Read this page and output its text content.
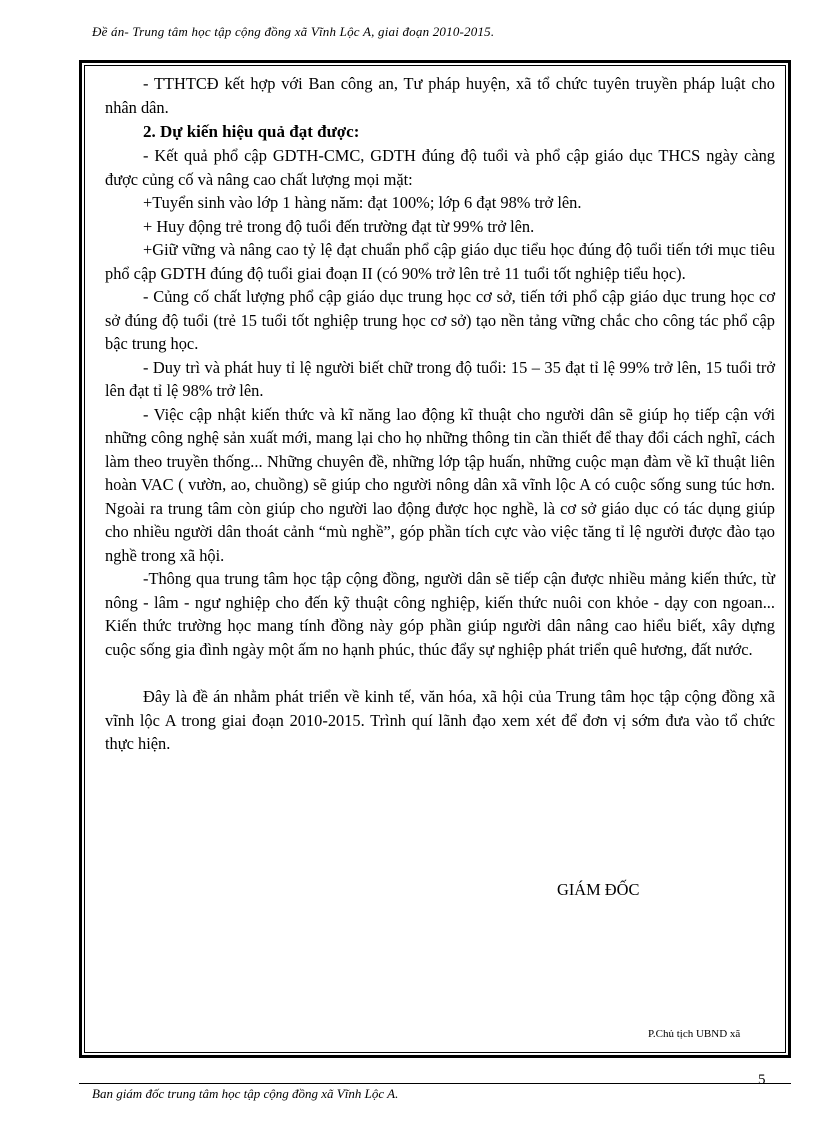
Đề án- Trung tâm học tập cộng đồng xã Vĩnh Lộc A, giai đoạn 2010-2015.

- TTHTCĐ kết hợp với Ban công an, Tư pháp huyện, xã tổ chức tuyên truyền pháp luật cho nhân dân.

2. Dự kiến hiệu quả đạt được:

- Kết quả phổ cập GDTH-CMC, GDTH đúng độ tuổi và phổ cập giáo dục THCS ngày càng được củng cố và nâng cao chất lượng mọi mặt:

+Tuyển sinh vào lớp 1 hàng năm: đạt 100%; lớp 6 đạt 98% trở lên.

+ Huy động trẻ trong độ tuổi đến trường đạt từ 99% trở lên.

+Giữ vững và nâng cao tỷ lệ đạt chuẩn phổ cập giáo dục tiểu học đúng độ tuổi tiến tới mục tiêu phổ cập GDTH đúng độ tuổi giai đoạn II (có 90% trở lên trẻ 11 tuổi tốt nghiệp tiểu học).

- Củng cố chất lượng phổ cập giáo dục trung học cơ sở, tiến tới phổ cập giáo dục trung học cơ sở đúng độ tuổi (trẻ 15 tuổi tốt nghiệp trung học cơ sở) tạo nền tảng vững chắc cho công tác phổ cập bậc trung học.

- Duy trì và phát huy tỉ lệ người biết chữ trong độ tuổi: 15 – 35 đạt tỉ lệ 99% trở lên, 15 tuổi trở lên đạt tỉ lệ 98% trở lên.

- Việc cập nhật kiến thức và kĩ năng lao động kĩ thuật cho người dân sẽ giúp họ tiếp cận với những công nghệ sản xuất mới, mang lại cho họ những thông tin cần thiết để thay đổi cách nghĩ, cách làm theo truyền thống... Những chuyên đề, những lớp tập huấn, những cuộc mạn đàm về kĩ thuật liên hoàn VAC ( vườn, ao, chuồng) sẽ giúp cho người nông dân xã vĩnh lộc A có cuộc sống sung túc hơn. Ngoài ra trung tâm còn giúp cho người lao động được học nghề, là cơ sở giáo dục có tác dụng giúp cho nhiều người dân thoát cảnh “mù nghề”, góp phần tích cực vào việc tăng tỉ lệ người được đào tạo nghề trong xã hội.

-Thông qua trung tâm học tập cộng đồng, người dân sẽ tiếp cận được nhiều mảng kiến thức, từ nông - lâm - ngư nghiệp cho đến kỹ thuật công nghiệp, kiến thức nuôi con khỏe - dạy con ngoan... Kiến thức trường học mang tính đồng này góp phần giúp người dân nâng cao hiểu biết, xây dựng cuộc sống gia đình ngày một ấm no hạnh phúc, thúc đẩy sự nghiệp phát triển quê hương, đất nước.

Đây là đề án nhằm phát triển về kinh tế, văn hóa, xã hội của Trung tâm học tập cộng đồng xã vĩnh lộc A trong giai đoạn 2010-2015. Trình quí lãnh đạo xem xét để đơn vị sớm đưa vào tổ chức thực hiện.

GIÁM ĐỐC
P.Chủ tịch UBND xã
5
Ban giám đốc trung tâm học tập cộng đồng xã Vĩnh Lộc A.
